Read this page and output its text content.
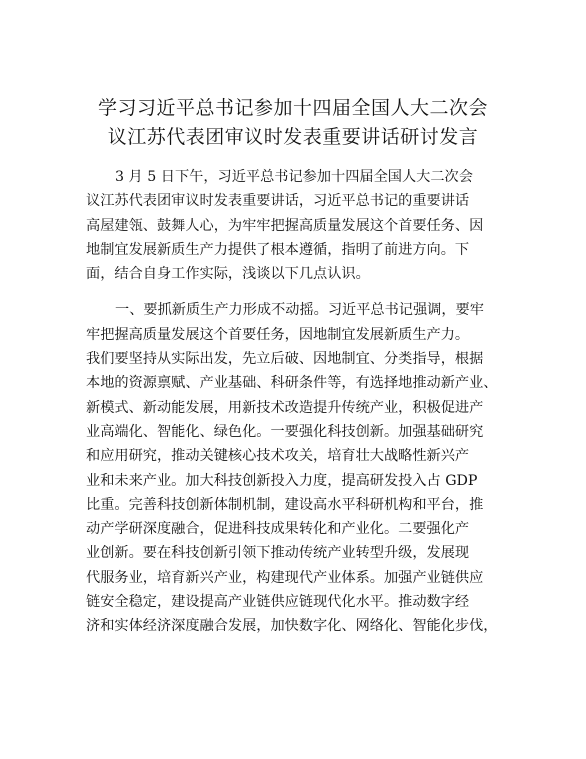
学习习近平总书记参加十四届全国人大二次会
议江苏代表团审议时发表重要讲话研讨发言

3 月 5 日下午，习近平总书记参加十四届全国人大二次会
议江苏代表团审议时发表重要讲话，习近平总书记的重要讲话
高屋建瓴、鼓舞人心，为牢牢把握高质量发展这个首要任务、因
地制宜发展新质生产力提供了根本遵循，指明了前进方向。下
面，结合自身工作实际，浅谈以下几点认识。

一、要抓新质生产力形成不动摇。习近平总书记强调，要牢
牢把握高质量发展这个首要任务，因地制宜发展新质生产力。
我们要坚持从实际出发，先立后破、因地制宜、分类指导，根据
本地的资源禀赋、产业基础、科研条件等，有选择地推动新产业、
新模式、新动能发展，用新技术改造提升传统产业，积极促进产
业高端化、智能化、绿色化。一要强化科技创新。加强基础研究
和应用研究，推动关键核心技术攻关，培育壮大战略性新兴产
业和未来产业。加大科技创新投入力度，提高研发投入占 GDP
比重。完善科技创新体制机制，建设高水平科研机构和平台，推
动产学研深度融合，促进科技成果转化和产业化。二要强化产
业创新。要在科技创新引领下推动传统产业转型升级，发展现
代服务业，培育新兴产业，构建现代产业体系。加强产业链供应
链安全稳定，建设提高产业链供应链现代化水平。推动数字经
济和实体经济深度融合发展，加快数字化、网络化、智能化步伐，
